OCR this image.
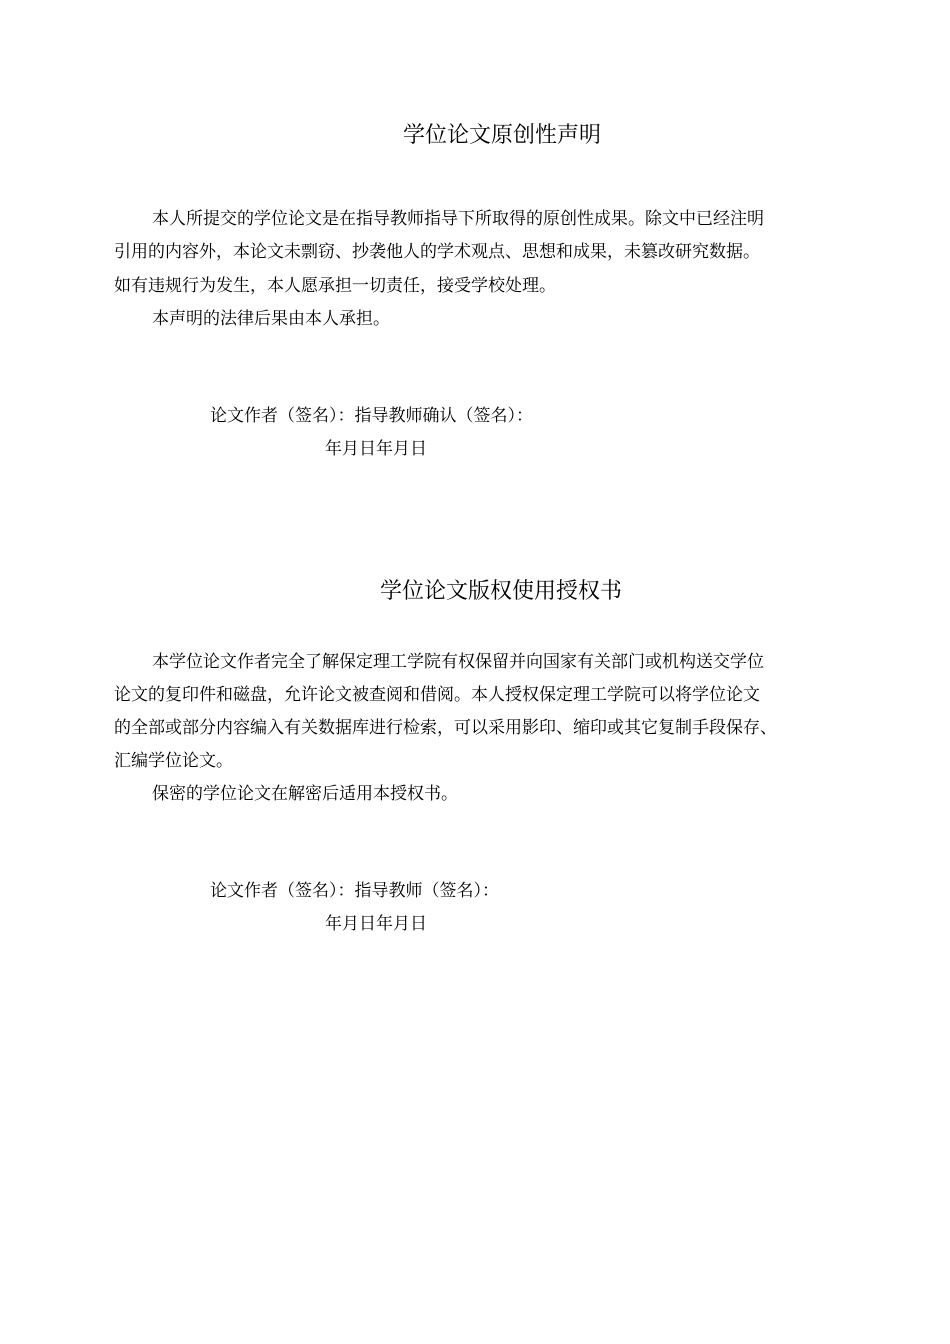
学位论文原创性声明
本人所提交的学位论文是在指导教师指导下所取得的原创性成果。除文中已经注明
引用的内容外，本论文未剽窃、抄袭他人的学术观点、思想和成果，未篡改研究数据。
如有违规行为发生，本人愿承担一切责任，接受学校处理。
本声明的法律后果由本人承担。
论文作者（签名）：指导教师确认（签名）：
年月日年月日
学位论文版权使用授权书
本学位论文作者完全了解保定理工学院有权保留并向国家有关部门或机构送交学位
论文的复印件和磁盘，允许论文被查阅和借阅。本人授权保定理工学院可以将学位论文
的全部或部分内容编入有关数据库进行检索，可以采用影印、缩印或其它复制手段保存、
汇编学位论文。
保密的学位论文在解密后适用本授权书。
论文作者（签名）：指导教师（签名）：
年月日年月日
